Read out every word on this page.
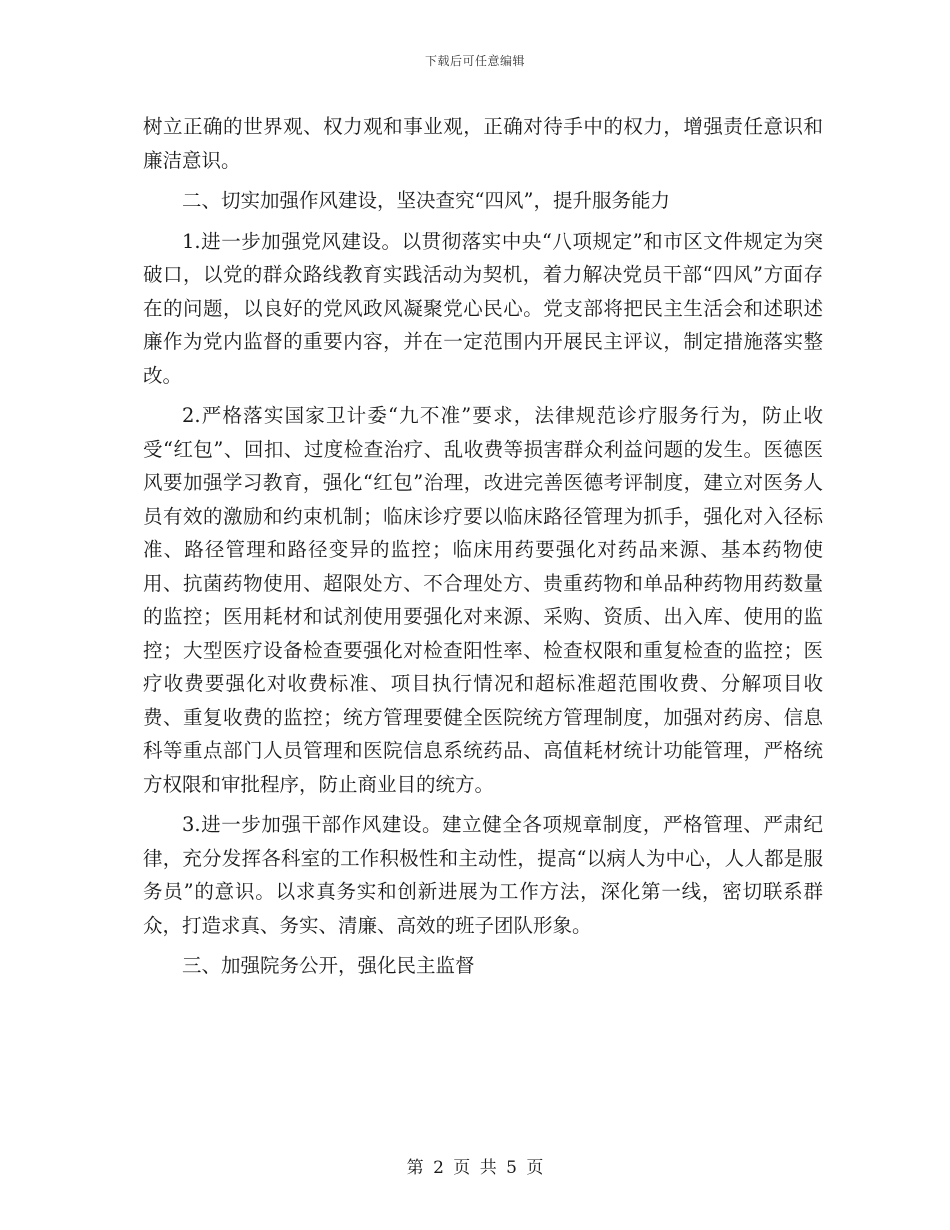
下载后可任意编辑

树立正确的世界观、权力观和事业观，正确对待手中的权力，增强责任意识和廉洁意识。

二、切实加强作风建设，坚决查究“四风”，提升服务能力

1.进一步加强党风建设。以贯彻落实中央“八项规定”和市区文件规定为突破口，以党的群众路线教育实践活动为契机，着力解决党员干部“四风”方面存在的问题，以良好的党风政风凝聚党心民心。党支部将把民主生活会和述职述廉作为党内监督的重要内容，并在一定范围内开展民主评议，制定措施落实整改。

2.严格落实国家卫计委“九不准”要求，法律规范诊疗服务行为，防止收受“红包”、回扣、过度检查治疗、乱收费等损害群众利益问题的发生。医德医风要加强学习教育，强化“红包”治理，改进完善医德考评制度，建立对医务人员有效的激励和约束机制；临床诊疗要以临床路径管理为抓手，强化对入径标准、路径管理和路径变异的监控；临床用药要强化对药品来源、基本药物使用、抗菌药物使用、超限处方、不合理处方、贵重药物和单品种药物用药数量的监控；医用耗材和试剂使用要强化对来源、采购、资质、出入库、使用的监控；大型医疗设备检查要强化对检查阳性率、检查权限和重复检查的监控；医疗收费要强化对收费标准、项目执行情况和超标准超范围收费、分解项目收费、重复收费的监控；统方管理要健全医院统方管理制度，加强对药房、信息科等重点部门人员管理和医院信息系统药品、高值耗材统计功能管理，严格统方权限和审批程序，防止商业目的统方。

3.进一步加强干部作风建设。建立健全各项规章制度，严格管理、严肃纪律，充分发挥各科室的工作积极性和主动性，提高“以病人为中心，人人都是服务员”的意识。以求真务实和创新进展为工作方法，深化第一线，密切联系群众，打造求真、务实、清廉、高效的班子团队形象。

三、加强院务公开，强化民主监督

第 2 页 共 5 页
